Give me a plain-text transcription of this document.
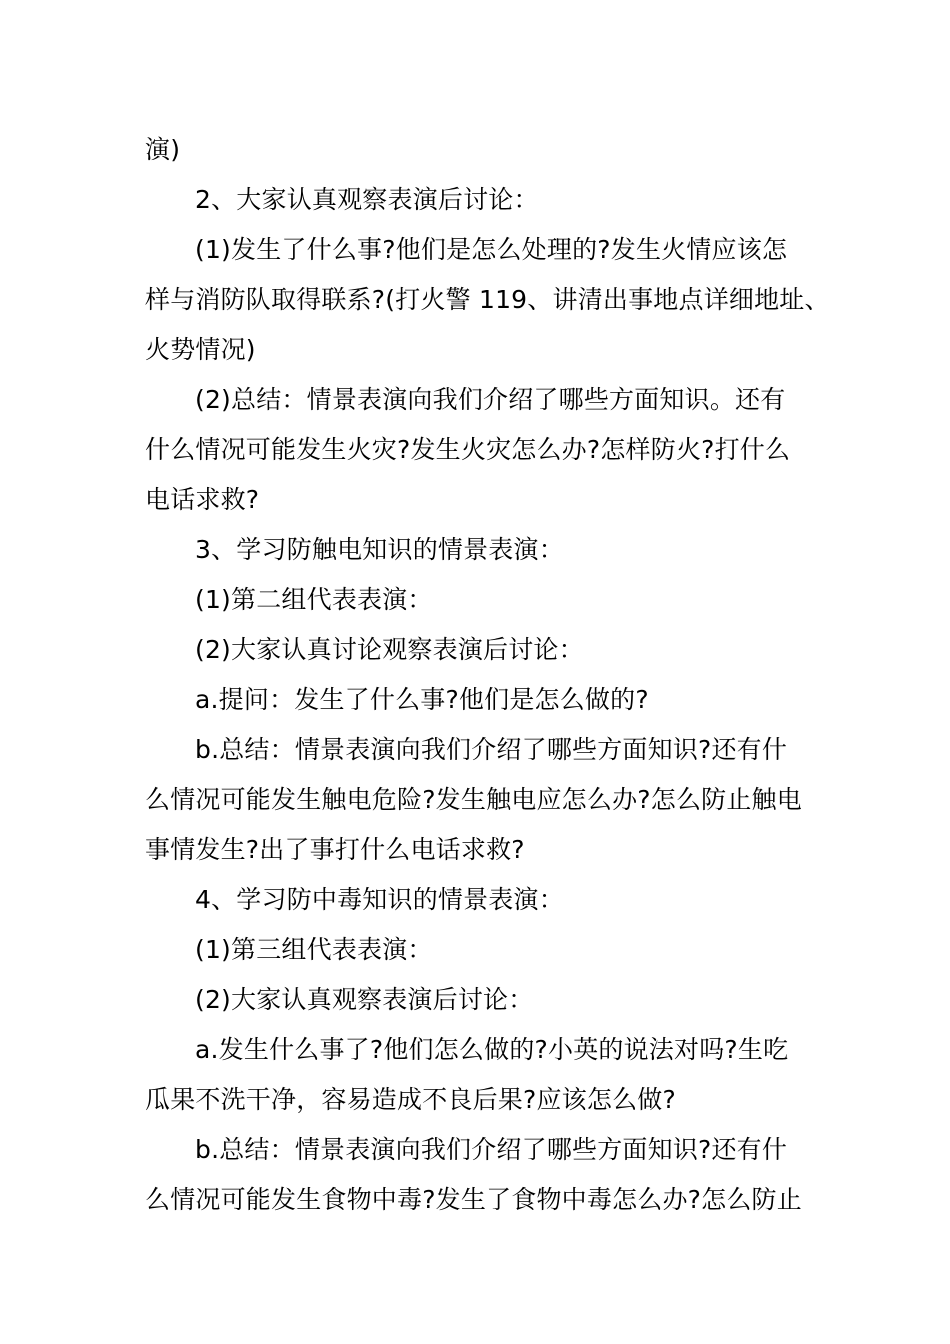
演)
2、大家认真观察表演后讨论：
(1)发生了什么事?他们是怎么处理的?发生火情应该怎
样与消防队取得联系?(打火警 119、讲清出事地点详细地址、
火势情况)
(2)总结：情景表演向我们介绍了哪些方面知识。还有
什么情况可能发生火灾?发生火灾怎么办?怎样防火?打什么
电话求救?
3、学习防触电知识的情景表演：
(1)第二组代表表演：
(2)大家认真讨论观察表演后讨论：
a.提问：发生了什么事?他们是怎么做的?
b.总结：情景表演向我们介绍了哪些方面知识?还有什
么情况可能发生触电危险?发生触电应怎么办?怎么防止触电
事情发生?出了事打什么电话求救?
4、学习防中毒知识的情景表演：
(1)第三组代表表演：
(2)大家认真观察表演后讨论：
a.发生什么事了?他们怎么做的?小英的说法对吗?生吃
瓜果不洗干净，容易造成不良后果?应该怎么做?
b.总结：情景表演向我们介绍了哪些方面知识?还有什
么情况可能发生食物中毒?发生了食物中毒怎么办?怎么防止
